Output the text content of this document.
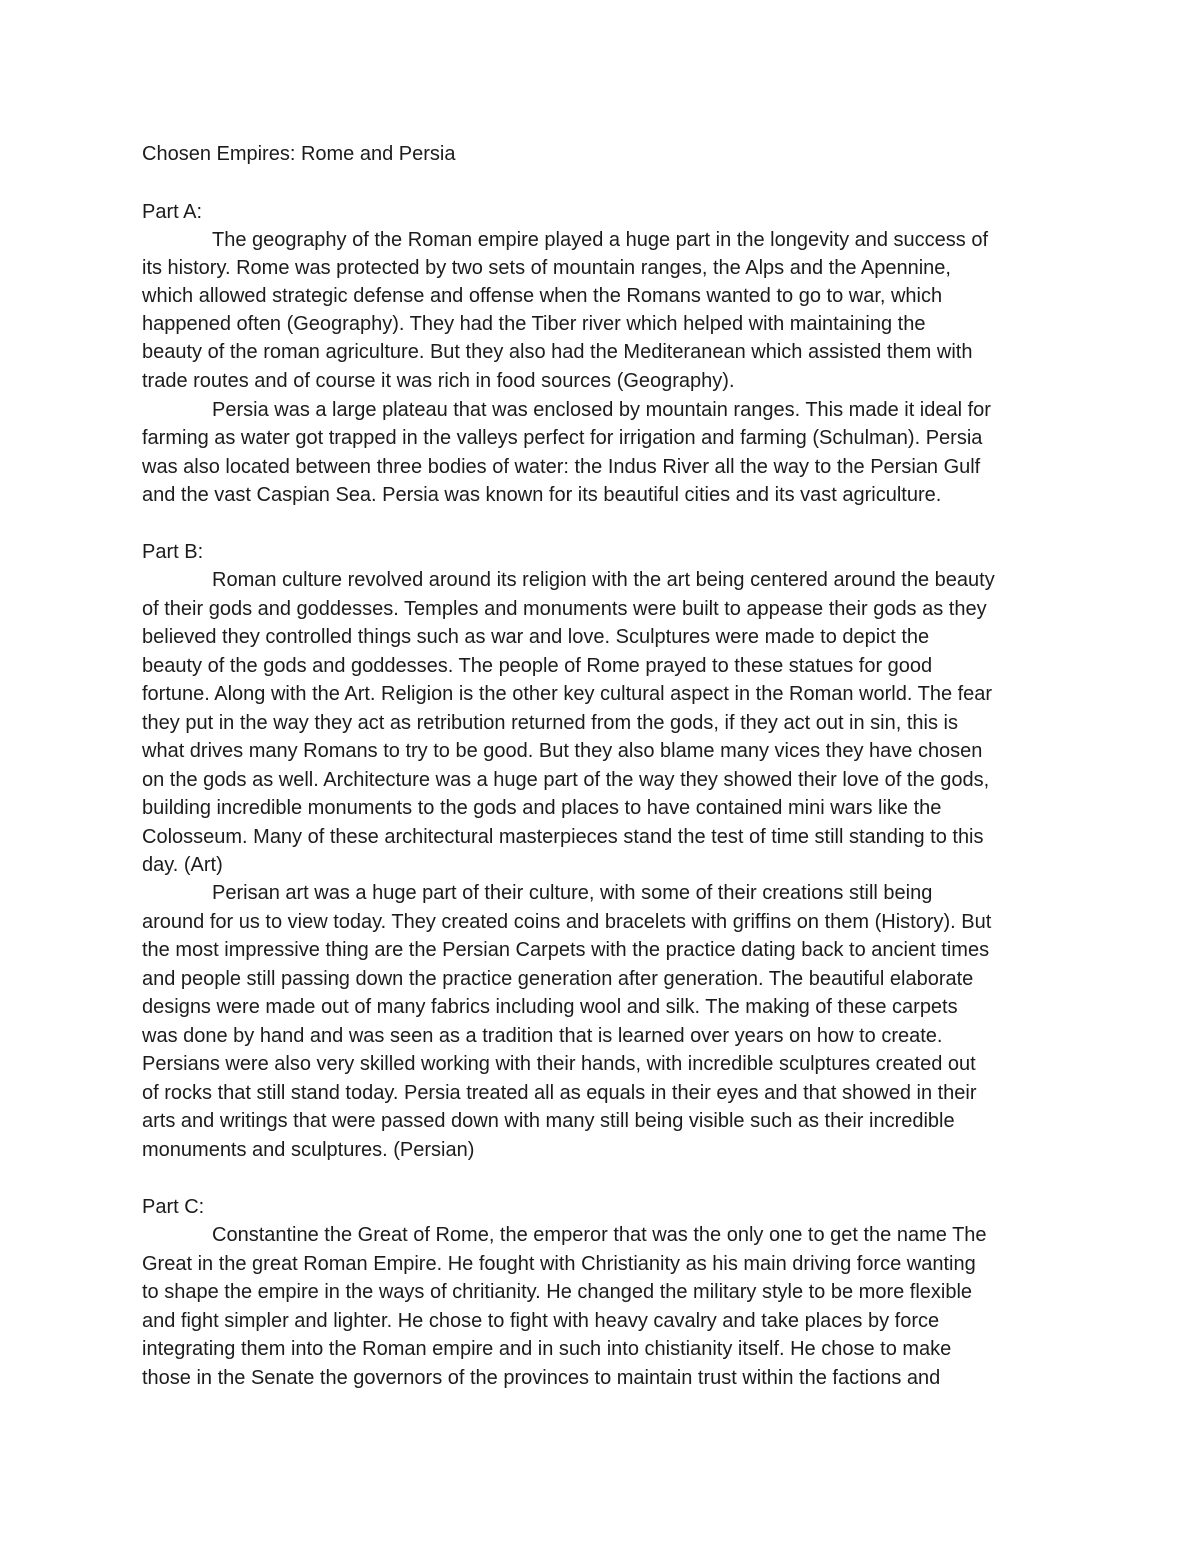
Chosen Empires: Rome and Persia
Part A:
The geography of the Roman empire played a huge part in the longevity and success of
its history. Rome was protected by two sets of mountain ranges, the Alps and the Apennine,
which allowed strategic defense and offense when the Romans wanted to go to war, which
happened often (Geography). They had the Tiber river which helped with maintaining the
beauty of the roman agriculture. But they also had the Mediteranean which assisted them with
trade routes and of course it was rich in food sources (Geography).
Persia was a large plateau that was enclosed by mountain ranges. This made it ideal for
farming as water got trapped in the valleys perfect for irrigation and farming (Schulman). Persia
was also located between three bodies of water: the Indus River all the way to the Persian Gulf
and the vast Caspian Sea. Persia was known for its beautiful cities and its vast agriculture.
Part B:
Roman culture revolved around its religion with the art being centered around the beauty
of their gods and goddesses. Temples and monuments were built to appease their gods as they
believed they controlled things such as war and love. Sculptures were made to depict the
beauty of the gods and goddesses. The people of Rome prayed to these statues for good
fortune. Along with the Art. Religion is the other key cultural aspect in the Roman world. The fear
they put in the way they act as retribution returned from the gods, if they act out in sin, this is
what drives many Romans to try to be good. But they also blame many vices they have chosen
on the gods as well. Architecture was a huge part of the way they showed their love of the gods,
building incredible monuments to the gods and places to have contained mini wars like the
Colosseum. Many of these architectural masterpieces stand the test of time still standing to this
day. (Art)
Perisan art was a huge part of their culture, with some of their creations still being
around for us to view today. They created coins and bracelets with griffins on them (History). But
the most impressive thing are the Persian Carpets with the practice dating back to ancient times
and people still passing down the practice generation after generation. The beautiful elaborate
designs were made out of many fabrics including wool and silk. The making of these carpets
was done by hand and was seen as a tradition that is learned over years on how to create.
Persians were also very skilled working with their hands, with incredible sculptures created out
of rocks that still stand today. Persia treated all as equals in their eyes and that showed in their
arts and writings that were passed down with many still being visible such as their incredible
monuments and sculptures. (Persian)
Part C:
Constantine the Great of Rome, the emperor that was the only one to get the name The
Great in the great Roman Empire. He fought with Christianity as his main driving force wanting
to shape the empire in the ways of chritianity. He changed the military style to be more flexible
and fight simpler and lighter. He chose to fight with heavy cavalry and take places by force
integrating them into the Roman empire and in such into chistianity itself. He chose to make
those in the Senate the governors of the provinces to maintain trust within the factions and
